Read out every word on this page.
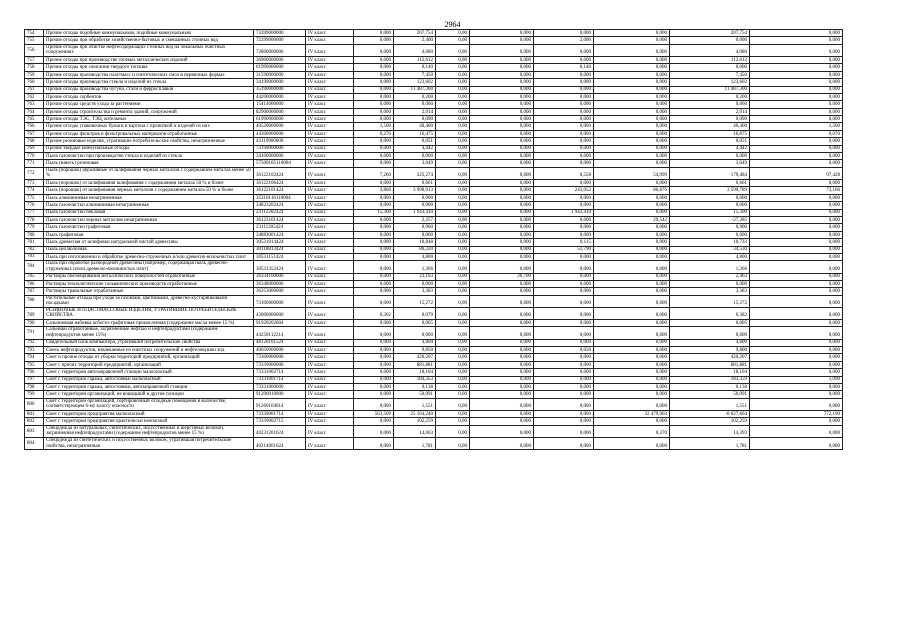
2964
754	Прочие отходы подобные коммунальным, подобные коммунальным	73399000000	IV класс	0,000	207,754	0,00	0,000	0,000	0,000	207,754	0,000
755	Прочие отходы при обработке хозяйственно-бытовых и смешанных сточных вод	72299000000	IV класс	0,000	2,400	0,00	0,000	2,000	0,000	0,000	0,000
756	Прочие отходы при очистке нефтесодержащих сточных вод на локальных очистных сооружениях	72800000000	IV класс	0,000	4,080	0,00	0,000	0,000	0,000	4,080	0,000
757	Прочие отходы при производстве готовых металлических изделий	36900000000	IV класс	0,000	112,612	0,00	0,000	0,000	0,000	112,612	0,000
758	Прочие отходы при сжигании твердого топлива	61990000000	IV класс	0,000	0,140	0,00	0,000	0,140	0,000	0,000	0,000
759	Прочие отходы производства пластмасс и синтетических смол в первичных формах	31590000000	IV класс	0,000	7,450	0,00	0,000	0,000	0,000	7,450	0,000
760	Прочие отходы производства стекла и изделий из стекла	34199000000	IV класс	0,000	123,602	0,00	0,000	0,000	0,000	123,602	0,000
761	Прочие отходы производства чугуна, стали и ферросплавов	35190000000	IV класс	0,000	11 487,300	0,00	0,000	0,000	0,000	11 487,300	0,000
762	Прочие отходы сорбентов	44200000000	IV класс	0,000	0,200	0,00	0,000	0,000	0,000	0,200	0,000
763	Прочие отходы средств ухода за растениями	15414000000	IV класс	0,000	0,060	0,00	0,000	0,000	0,000	0,060	0,000
764	Прочие отходы строительства и ремонта зданий, сооружений	82900000000	IV класс	0,000	2,914	0,00	0,000	0,000	0,000	2,914	0,000
765	Прочие отходы ТЭС, ТЭЦ, котельных	61990000000	IV класс	0,000	0,090	0,00	0,000	0,000	0,000	0,090	0,000
766	Прочие отходы упаковочных бумаги и картона с пропиткой и изделий из них	40520000000	IV класс	1,500	40,400	0,00	0,000	0,000	0,000	40,400	1,500
767	Прочие отходы фильтров и фильтровальных материалов отработанные	44300000000	IV класс	0,276	16,475	0,00	0,000	0,000	0,000	16,875	0,070
768	Прочие резиновые изделия, утратившие потребительские свойства, незагрязненные	43119900000	IV класс	0,000	0,051	0,00	0,000	0,000	0,000	0,051	0,000
769	Прочие твердые коммунальные отходы	73199000000	IV класс	0,000	4,442	0,00	0,000	0,000	0,000	4,442	0,000
770	Пыль газоочистки при производстве стекла и изделий из стекла	34100000000	IV класс	0,000	0,000	0,00	0,000	0,000	0,000	0,000	0,000
771	Пыль (взвесь) резиновая	57500105110004	IV класс	0,000	3,649	0,00	0,000	0,000	0,000	3,649	0,000
772	Пыль (порошок) абразивные от шлифования черных металлов с содержанием металла менее 50 %	36122102424	IV класс	7,260	325,274	0,00	0,000	0,558	54,999	179,484	97,428
773	Пыль (порошок) от шлифования шлифования с содержанием металла 50 % и более	36122106424	IV класс	0,000	0,661	0,00	0,000	0,000	0,000	0,661	0,000
774	Пыль (порошок) от шлифования черных металлов с содержанием металла 50 % и более	36122101424	IV класс	3,860	3 998,013	0,00	0,000	243,052	86,876	3 599,789	73,166
775	Пыль алюминиевая незагрязненная	35310116110004	IV класс	0,000	0,000	0,00	0,000	0,000	0,000	0,000	0,000
776	Пыль газоочистки алюминиевая незагрязненная	34823202424	IV класс	0,000	0,000	0,00	0,000	0,000	0,000	0,000	0,000
777	Пыль газоочистки пекловая	23112202424	IV класс	15,300	1 943,410	0,00	0,000	1 943,410	0,000	15,300	0,000
778	Пыль газоочистки черных металлов незагрязненная	36123101424	IV класс	0,000	2,257	0,00	0,000	0,000	29,542	-27,285	0,000
779	Пыль газоочистки графитовая	23111205424	IV класс	0,000	0,900	0,00	0,000	0,000	0,000	0,900	0,000
780	Пыль графитовая	34883001424	IV класс	0,000	0,000	0,00	0,000	0,000	0,000	0,000	0,000
781	Пыль древесная от шлифовки натуральной чистой древесины	30531014424	IV класс	0,000	10,848	0,00	0,000	0,115	0,000	10,733	0,000
782	Пыль целлюлозная	30118813424	IV класс	0,000	86,320	0,00	0,000	51,790	0,000	34,530	0,000
783	Пыль при изготовлении и обработке древесно-стружечных и/или древесно-волокнистых плит	30531151424	IV класс	0,000	4,800	0,00	0,000	0,000	0,000	4,800	0,000
784	Пыль при обработке разнородной древесины (например, содержащая пыль древесно-стружечных и/или древесно-волокнистых плит)	30531352424	IV класс	0,000	1,366	0,00	0,000	0,000	0,000	1,366	0,000
785	Растворы обезжиривания металлических поверхностей отработанные	36334100000	IV класс	0,000	23,163	0,00	20,700	0,000	0,000	2,463	0,000
786	Растворы технологические гальванических производств отработанные	36348000000	IV класс	0,000	0,000	0,00	0,000	0,000	0,000	0,000	0,000
787	Растворы травильные отработанные	36353000000	IV класс	0,000	3,383	0,00	0,000	0,000	0,000	3,383	0,000
788	Растительные отходы при уходе за газонами, цветниками, древесно-кустарниковыми посадками	73100000000	IV класс	0,000	15,272	0,00	0,000	0,000	0,000	15,272	0,000
789	РЕЗИНОВЫЕ И ПЛАСТМАССОВЫЕ ИЗДЕЛИЯ, УТРАТИВШИЕ ПОТРЕБИТЕЛЬСКИЕ СВОЙСТВА	43000000000	IV класс	0,302	0,079	0,00	0,000	0,000	0,000	0,382	0,000
790	Сальниковая набивка асбесто-графитовая промасленная (содержание масла менее 15 %)	91920202604	IV класс	0,000	0,005	0,00	0,000	0,000	0,000	0,005	0,000
791	Сальники отработанные, загрязненные нефтью и нефтепродуктами (содержание нефтепродуктов менее 15%)	44250112214	IV класс	0,000	0,000	0,00	0,000	0,000	0,000	0,000	0,000
792	Свидетельный блок компьютера, утративший потребительские свойства	48120101524	IV класс	0,000	4,800	0,00	0,000	0,000	0,000	4,800	0,000
793	Смесь нефтепродуктов, извлекаемые из очистных сооружений и нефтеловушки ход	40650000000	IV класс	0,000	9,850	0,00	0,000	0,050	0,000	9,800	0,000
794	Смет и прочие отходы от уборки территорий предприятий, организаций	73300000000	IV класс	0,000	420,207	0,00	0,000	0,000	0,000	420,207	0,000
795	Смет с прочих территорий предприятий, организаций	73339000000	IV класс	0,000	881,881	0,00	0,000	0,000	0,000	881,881	0,000
796	Смет с территории автозаправочной станции малоопасный	73331002714	IV класс	0,000	18,104	0,00	0,000	0,000	0,000	18,104	0,000
797	Смет с территории гаража, автостоянки малоопасный	73331001714	IV класс	0,000	184,353	0,00	0,000	0,000	0,000	183,359	1,090
798	Смет с территории гаража, автостоянки, автозаправочной станции	73331000000	IV класс	0,000	0,138	0,00	0,000	0,000	0,000	0,138	0,000
799	Смет с территории организаций, не вошедший в другие позиции	91200010000	IV класс	0,000	50,091	0,00	0,000	0,000	0,000	50,091	0,000
800	Смет с территории организаций, сортировочный отходные помещения в количестве, соответствующем 6-му классу опасности	91260104014	IV класс	0,000	1,551	0,00	0,000	0,000	0,000	1,551	0,000
801	Смет с территории предприятия малоопасный	73339001714	IV класс	563,509	25 164,240	0,00	0,000	0,000	32 479,903	-8 027,664	772,190
802	Смет с территории предприятия практически неопасный	73339002715	IV класс	0,000	102,259	0,00	0,000	0,000	0,000	102,259	0,000
803	Спецодежда из натуральных, синтетических, искусственных и шерстяных волокон, загрязненная нефтепродуктами (содержание нефтепродуктов менее 15 %)	40231201624	IV класс	0,000	14,663	0,00	0,000	0,000	0,370	14,393	0,000
804	Спецодежда из синтетических и искусственных волокон, утратившая потребительские свойства, незагрязненная	40214001624	IV класс	0,000	1,781	0,00	0,000	0,000	0,000	1,781	0,000
